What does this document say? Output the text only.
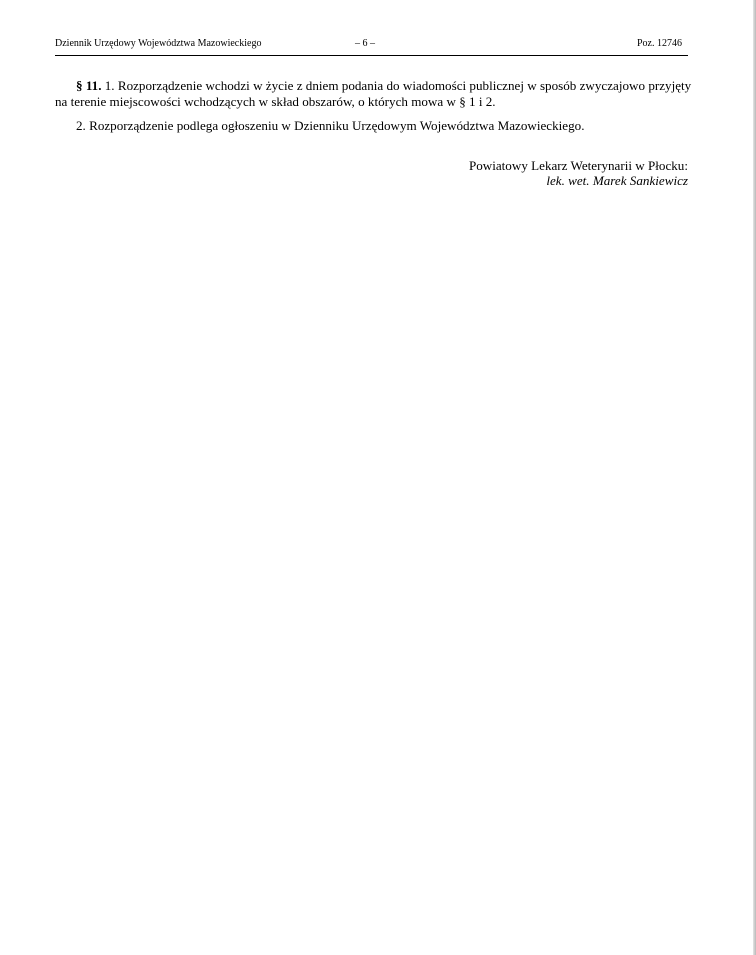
Dziennik Urzędowy Województwa Mazowieckiego	– 6 –	Poz. 12746

§ 11. 1. Rozporządzenie wchodzi w życie z dniem podania do wiadomości publicznej w sposób zwyczajowo przyjęty na terenie miejscowości wchodzących w skład obszarów, o których mowa w § 1 i 2.

2. Rozporządzenie podlega ogłoszeniu w Dzienniku Urzędowym Województwa Mazowieckiego.

Powiatowy Lekarz Weterynarii w Płocku:
lek. wet. Marek Sankiewicz
